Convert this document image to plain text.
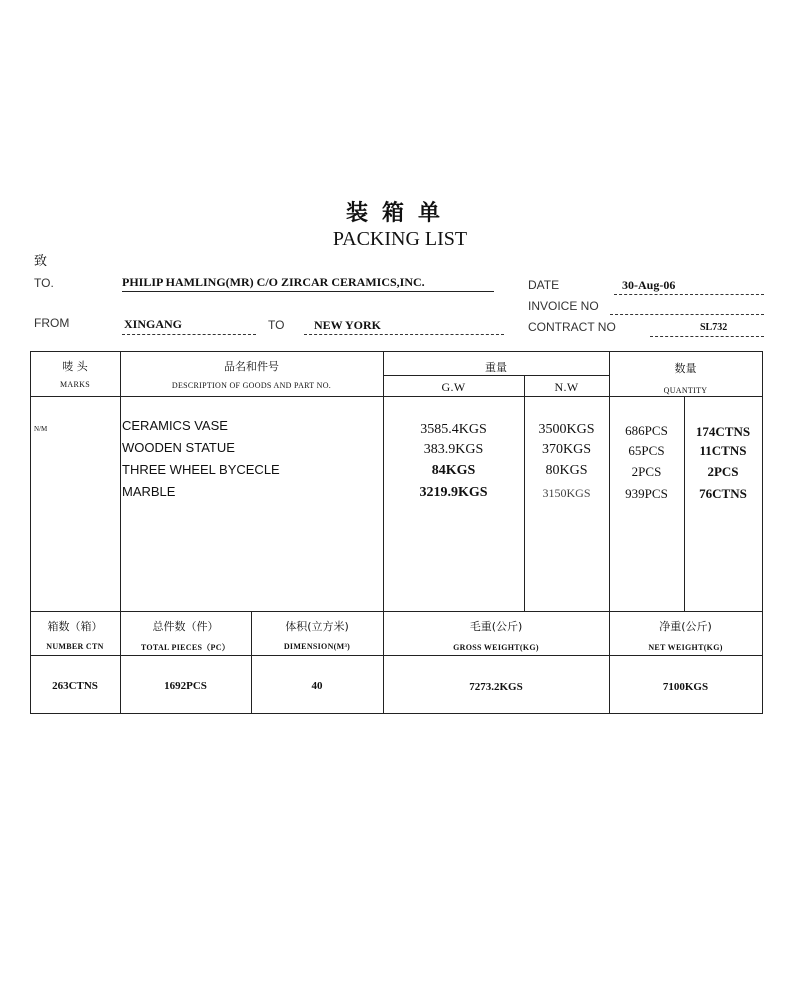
装箱单
PACKING LIST
致
TO.	PHILIP HAMLING(MR) C/O ZIRCAR CERAMICS,INC.	DATE	30-Aug-06
INVOICE NO
FROM	XINGANG	TO NEW YORK	CONTRACT NO	SL732
唛 头
MARKS
品名和件号
DESCRIPTION OF GOODS AND PART NO.
重量
G.W	N.W
数量
QUANTITY
N/M	CERAMICS VASE	3585.4KGS	3500KGS	686PCS	174CTNS
WOODEN STATUE	383.9KGS	370KGS	65PCS	11CTNS
THREE WHEEL BYCECLE	84KGS	80KGS	2PCS	2PCS
MARBLE	3219.9KGS	3150KGS	939PCS	76CTNS
箱数（箱）
NUMBER CTN
总件数（件）
TOTAL PIECES（PC）
体积(立方米)
DIMENSION(M³)
毛重(公斤)
GROSS WEIGHT(KG)
净重(公斤)
NET WEIGHT(KG)
263CTNS	1692PCS	40	7273.2KGS	7100KGS
